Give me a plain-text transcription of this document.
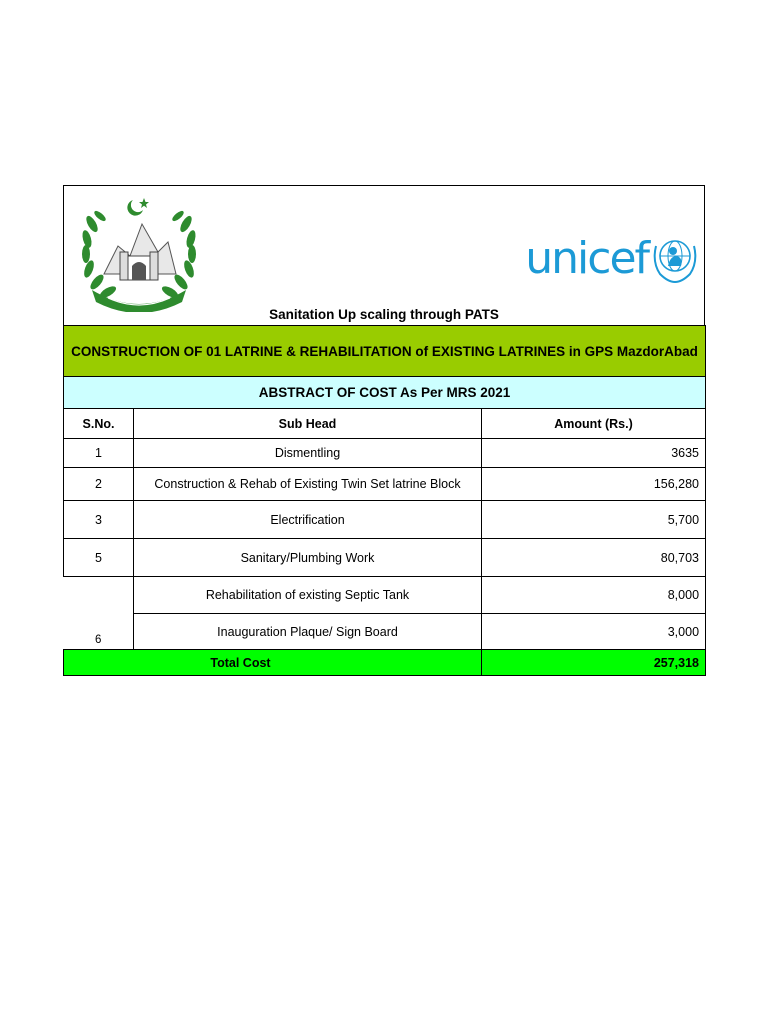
unicef
Sanitation Up scaling through PATS
CONSTRUCTION OF 01 LATRINE & REHABILITATION of EXISTING LATRINES in GPS MazdorAbad		
ABSTRACT OF COST As Per MRS 2021		
S.No.	Sub Head	Amount (Rs.)
1	Dismentling	3635
2	Construction & Rehab of Existing Twin Set latrine Block	156,280
3	Electrification	5,700
5	Sanitary/Plumbing Work	80,703
6	Rehabilitation of existing Septic Tank	8,000
	Inauguration Plaque/ Sign Board	3,000
Total Cost		257,318
